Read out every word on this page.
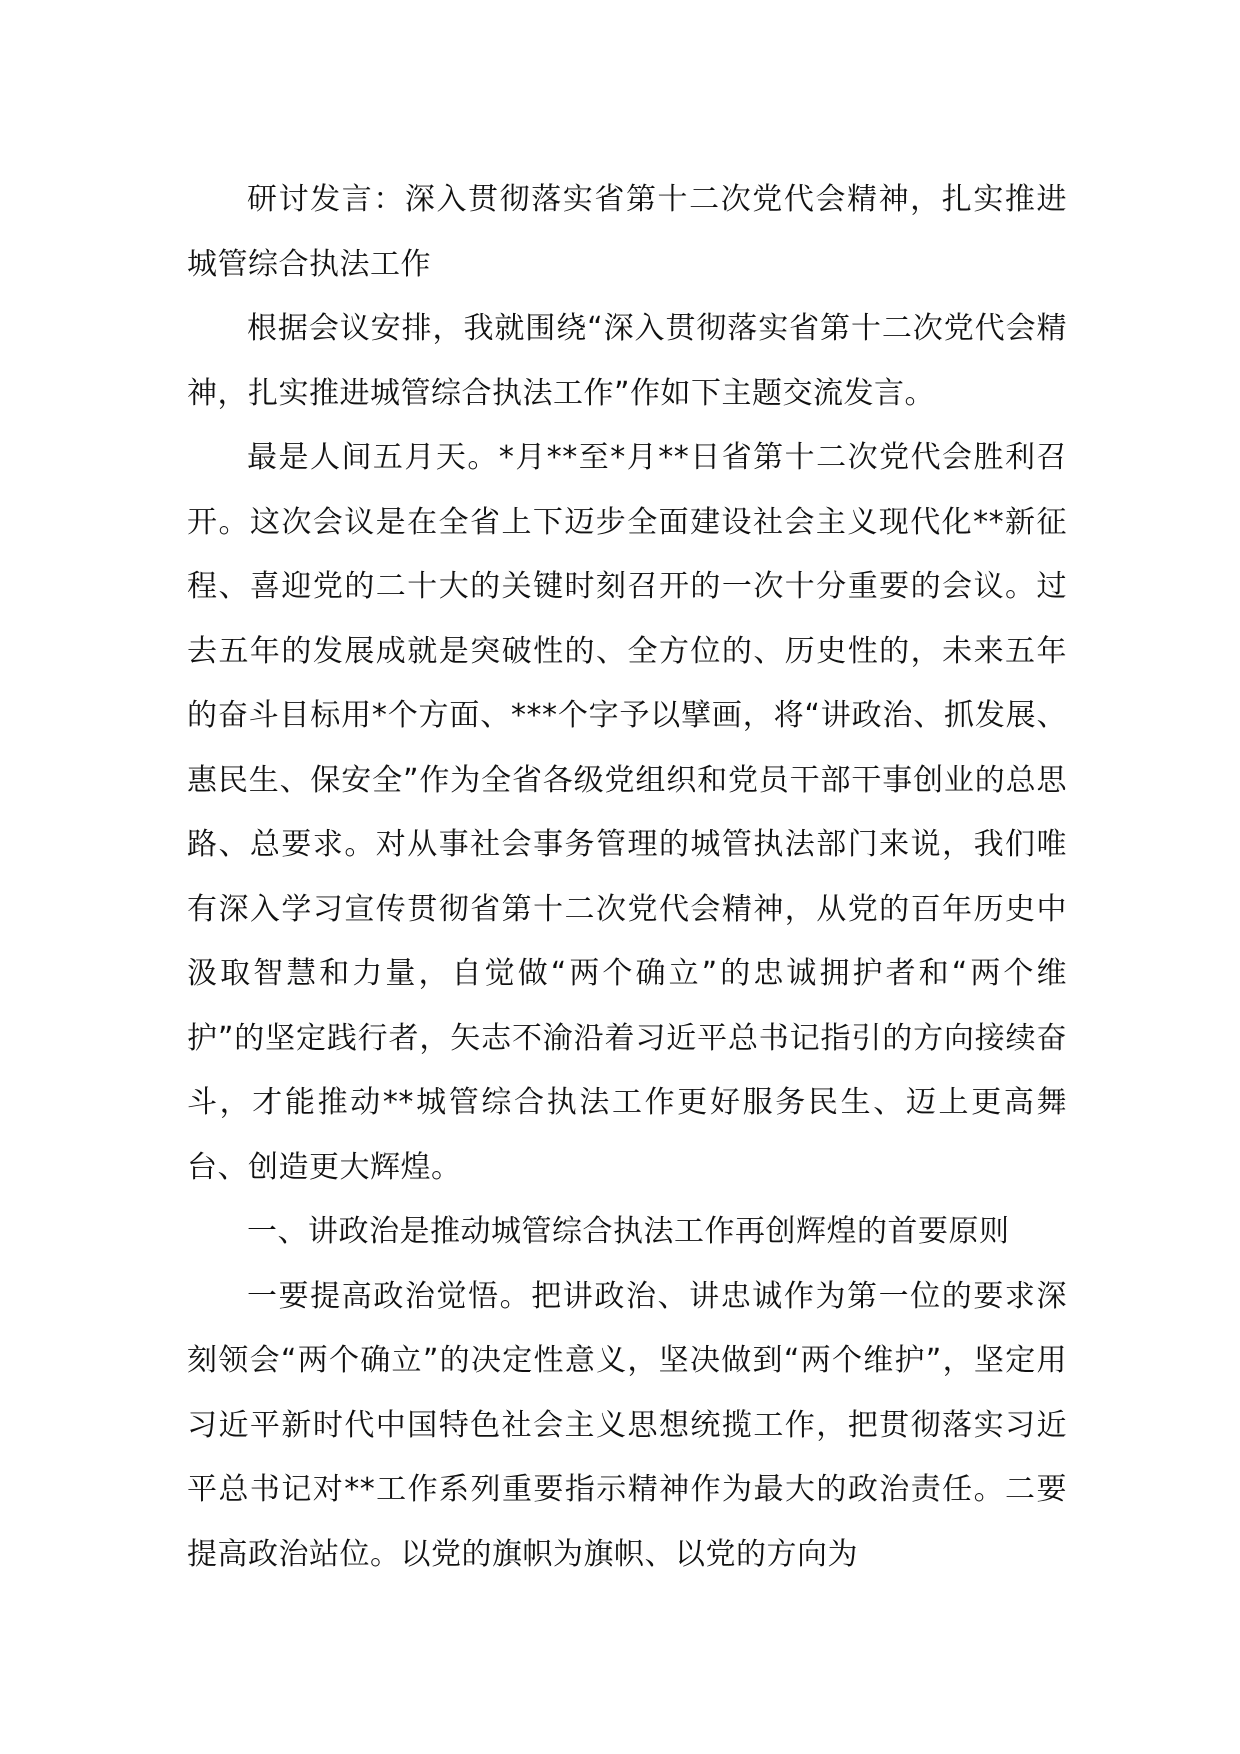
研讨发言：深入贯彻落实省第十二次党代会精神，扎实推进城管综合执法工作

根据会议安排，我就围绕“深入贯彻落实省第十二次党代会精神，扎实推进城管综合执法工作”作如下主题交流发言。

最是人间五月天。*月**至*月**日省第十二次党代会胜利召开。这次会议是在全省上下迈步全面建设社会主义现代化**新征程、喜迎党的二十大的关键时刻召开的一次十分重要的会议。过去五年的发展成就是突破性的、全方位的、历史性的，未来五年的奋斗目标用*个方面、***个字予以擘画，将“讲政治、抓发展、惠民生、保安全”作为全省各级党组织和党员干部干事创业的总思路、总要求。对从事社会事务管理的城管执法部门来说，我们唯有深入学习宣传贯彻省第十二次党代会精神，从党的百年历史中汲取智慧和力量，自觉做“两个确立”的忠诚拥护者和“两个维护”的坚定践行者，矢志不渝沿着习近平总书记指引的方向接续奋斗，才能推动**城管综合执法工作更好服务民生、迈上更高舞台、创造更大辉煌。

一、讲政治是推动城管综合执法工作再创辉煌的首要原则

一要提高政治觉悟。把讲政治、讲忠诚作为第一位的要求深刻领会“两个确立”的决定性意义，坚决做到“两个维护”，坚定用习近平新时代中国特色社会主义思想统揽工作，把贯彻落实习近平总书记对**工作系列重要指示精神作为最大的政治责任。二要提高政治站位。以党的旗帜为旗帜、以党的方向为
